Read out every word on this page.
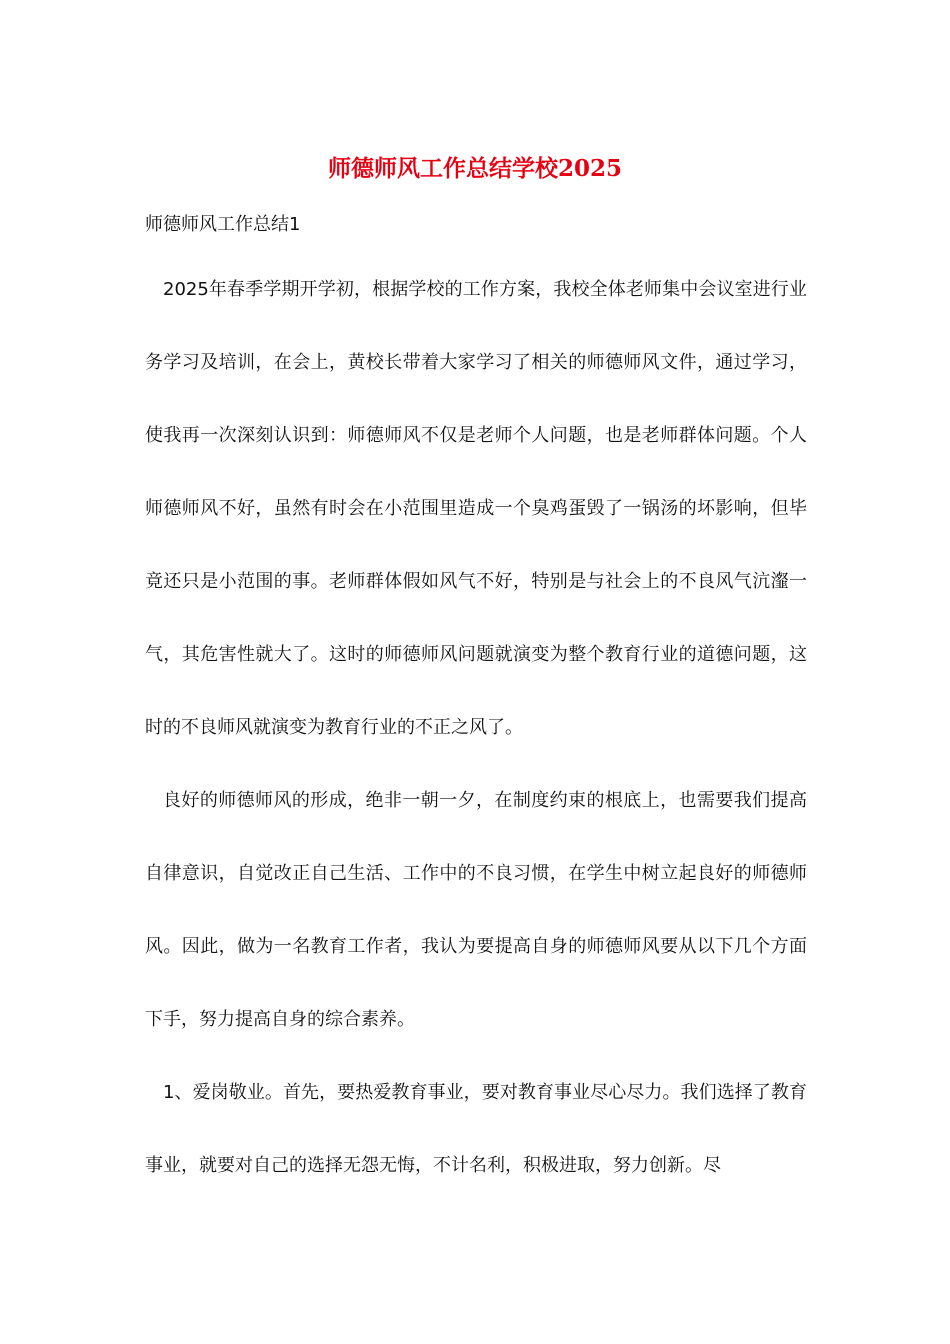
师德师风工作总结学校2025

师德师风工作总结1

2025年春季学期开学初，根据学校的工作方案，我校全体老师集中会议室进行业务学习及培训，在会上，黄校长带着大家学习了相关的师德师风文件，通过学习，使我再一次深刻认识到：师德师风不仅是老师个人问题，也是老师群体问题。个人师德师风不好，虽然有时会在小范围里造成一个臭鸡蛋毁了一锅汤的坏影响，但毕竟还只是小范围的事。老师群体假如风气不好，特别是与社会上的不良风气沆瀣一气，其危害性就大了。这时的师德师风问题就演变为整个教育行业的道德问题，这时的不良师风就演变为教育行业的不正之风了。

良好的师德师风的形成，绝非一朝一夕，在制度约束的根底上，也需要我们提高自律意识，自觉改正自己生活、工作中的不良习惯，在学生中树立起良好的师德师风。因此，做为一名教育工作者，我认为要提高自身的师德师风要从以下几个方面下手，努力提高自身的综合素养。

1、爱岗敬业。首先，要热爱教育事业，要对教育事业尽心尽力。我们选择了教育事业，就要对自己的选择无怨无悔，不计名利，积极进取，努力创新。尽
